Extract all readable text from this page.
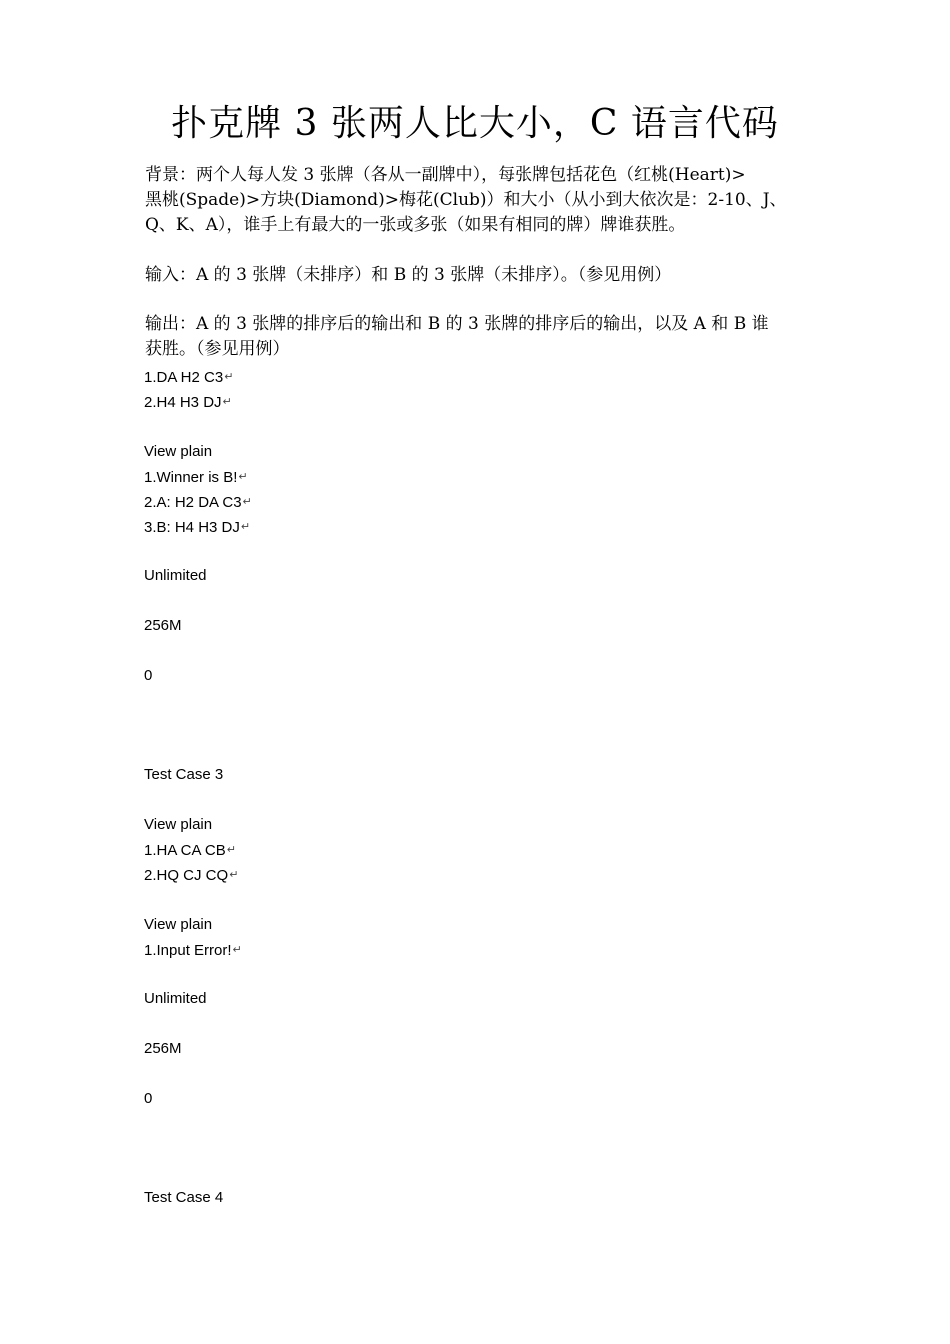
扑克牌 3 张两人比大小，C 语言代码

背景：两个人每人发 3 张牌（各从一副牌中），每张牌包括花色（红桃(Heart)>
黑桃(Spade)>方块(Diamond)>梅花(Club)）和大小（从小到大依次是：2-10、J、
Q、K、A），谁手上有最大的一张或多张（如果有相同的牌）牌谁获胜。

输入：A 的 3 张牌（未排序）和 B 的 3 张牌（未排序）。（参见用例）

输出：A 的 3 张牌的排序后的输出和 B 的 3 张牌的排序后的输出，以及 A 和 B 谁
获胜。（参见用例）

1.DA H2 C3↵
2.H4 H3 DJ↵
View plain
1.Winner is B!↵
2.A: H2 DA C3↵
3.B: H4 H3 DJ↵
Unlimited
256M
0
Test Case 3
View plain
1.HA CA CB↵
2.HQ CJ CQ↵
View plain
1.Input Error!↵
Unlimited
256M
0
Test Case 4
